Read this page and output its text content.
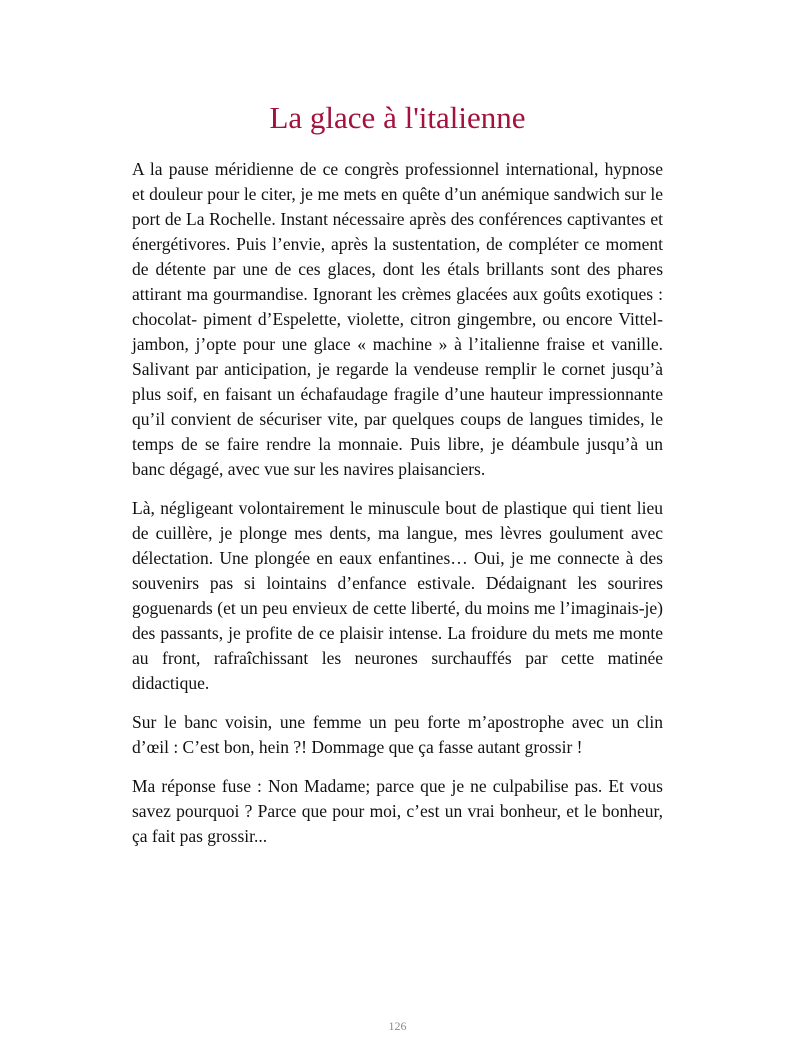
La glace à l'italienne

A la pause méridienne de ce congrès professionnel international, hypnose et douleur pour le citer, je me mets en quête d’un anémique sandwich sur le port de La Rochelle. Instant nécessaire après des conférences captivantes et énergétivores. Puis l’envie, après la sustentation, de compléter ce moment de détente par une de ces glaces, dont les étals brillants sont des phares attirant ma gourmandise. Ignorant les crèmes glacées aux goûts exotiques : chocolat- piment d’Espelette, violette, citron gingembre, ou encore Vittel-jambon, j’opte pour une glace « machine » à l’italienne fraise et vanille. Salivant par anticipation, je regarde la vendeuse remplir le cornet jusqu’à plus soif, en faisant un échafaudage fragile d’une hauteur impressionnante qu’il convient de sécuriser vite, par quelques coups de langues timides, le temps de se faire rendre la monnaie. Puis libre, je déambule jusqu’à un banc dégagé, avec vue sur les navires plaisanciers.

Là, négligeant volontairement le minuscule bout de plastique qui tient lieu de cuillère, je plonge mes dents, ma langue, mes lèvres goulument avec délectation. Une plongée en eaux enfantines… Oui, je me connecte à des souvenirs pas si lointains d’enfance estivale. Dédaignant les sourires goguenards (et un peu envieux de cette liberté, du moins me l’imaginais-je) des passants, je profite de ce plaisir intense. La froidure du mets me monte au front, rafraîchissant les neurones surchauffés par cette matinée didactique.

Sur le banc voisin, une femme un peu forte m’apostrophe avec un clin d’œil : C’est bon, hein ?! Dommage que ça fasse autant grossir !

Ma réponse fuse : Non Madame; parce que je ne culpabilise pas. Et vous savez pourquoi ? Parce que pour moi, c’est un vrai bonheur, et le bonheur, ça fait pas grossir...

126
